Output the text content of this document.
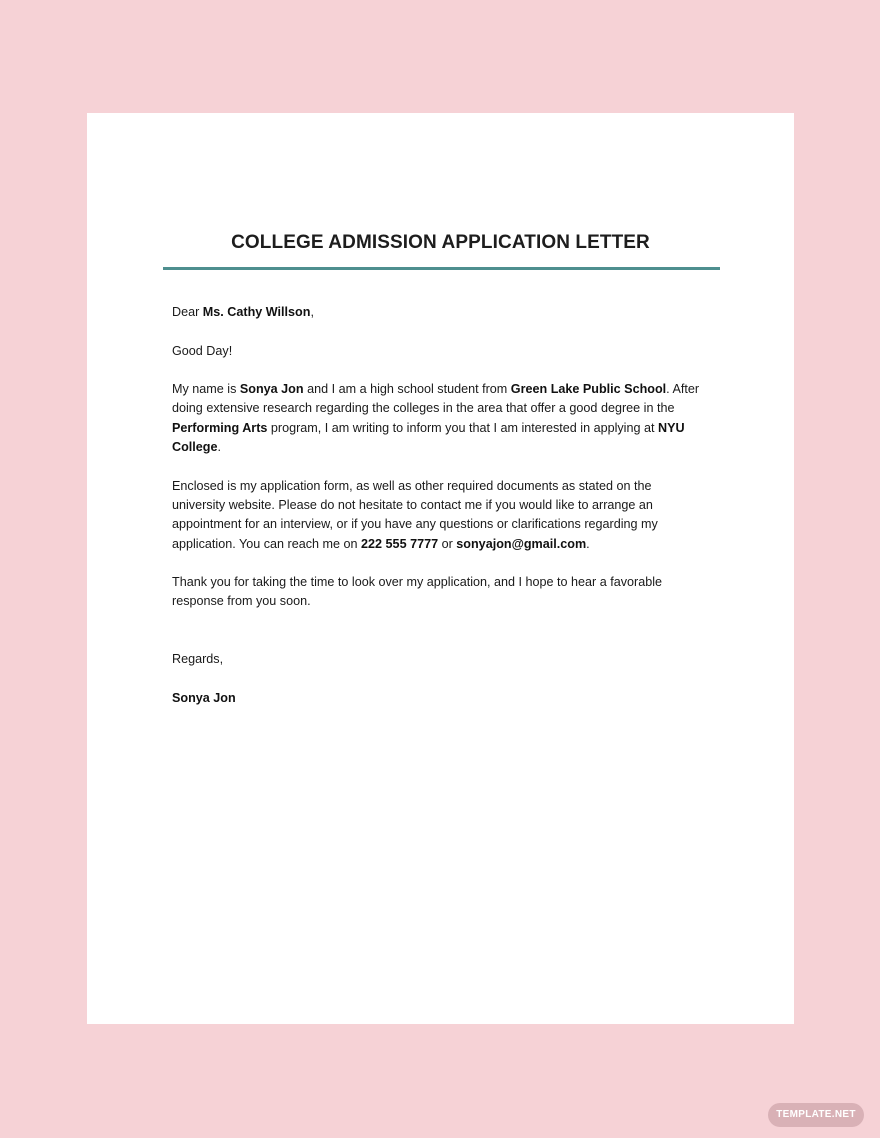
COLLEGE ADMISSION APPLICATION LETTER

Dear Ms. Cathy Willson,

Good Day!

My name is Sonya Jon and I am a high school student from Green Lake Public School. After doing extensive research regarding the colleges in the area that offer a good degree in the Performing Arts program, I am writing to inform you that I am interested in applying at NYU College.

Enclosed is my application form, as well as other required documents as stated on the university website. Please do not hesitate to contact me if you would like to arrange an appointment for an interview, or if you have any questions or clarifications regarding my application. You can reach me on 222 555 7777 or sonyajon@gmail.com.

Thank you for taking the time to look over my application, and I hope to hear a favorable response from you soon.

Regards,

Sonya Jon

TEMPLATE.NET
